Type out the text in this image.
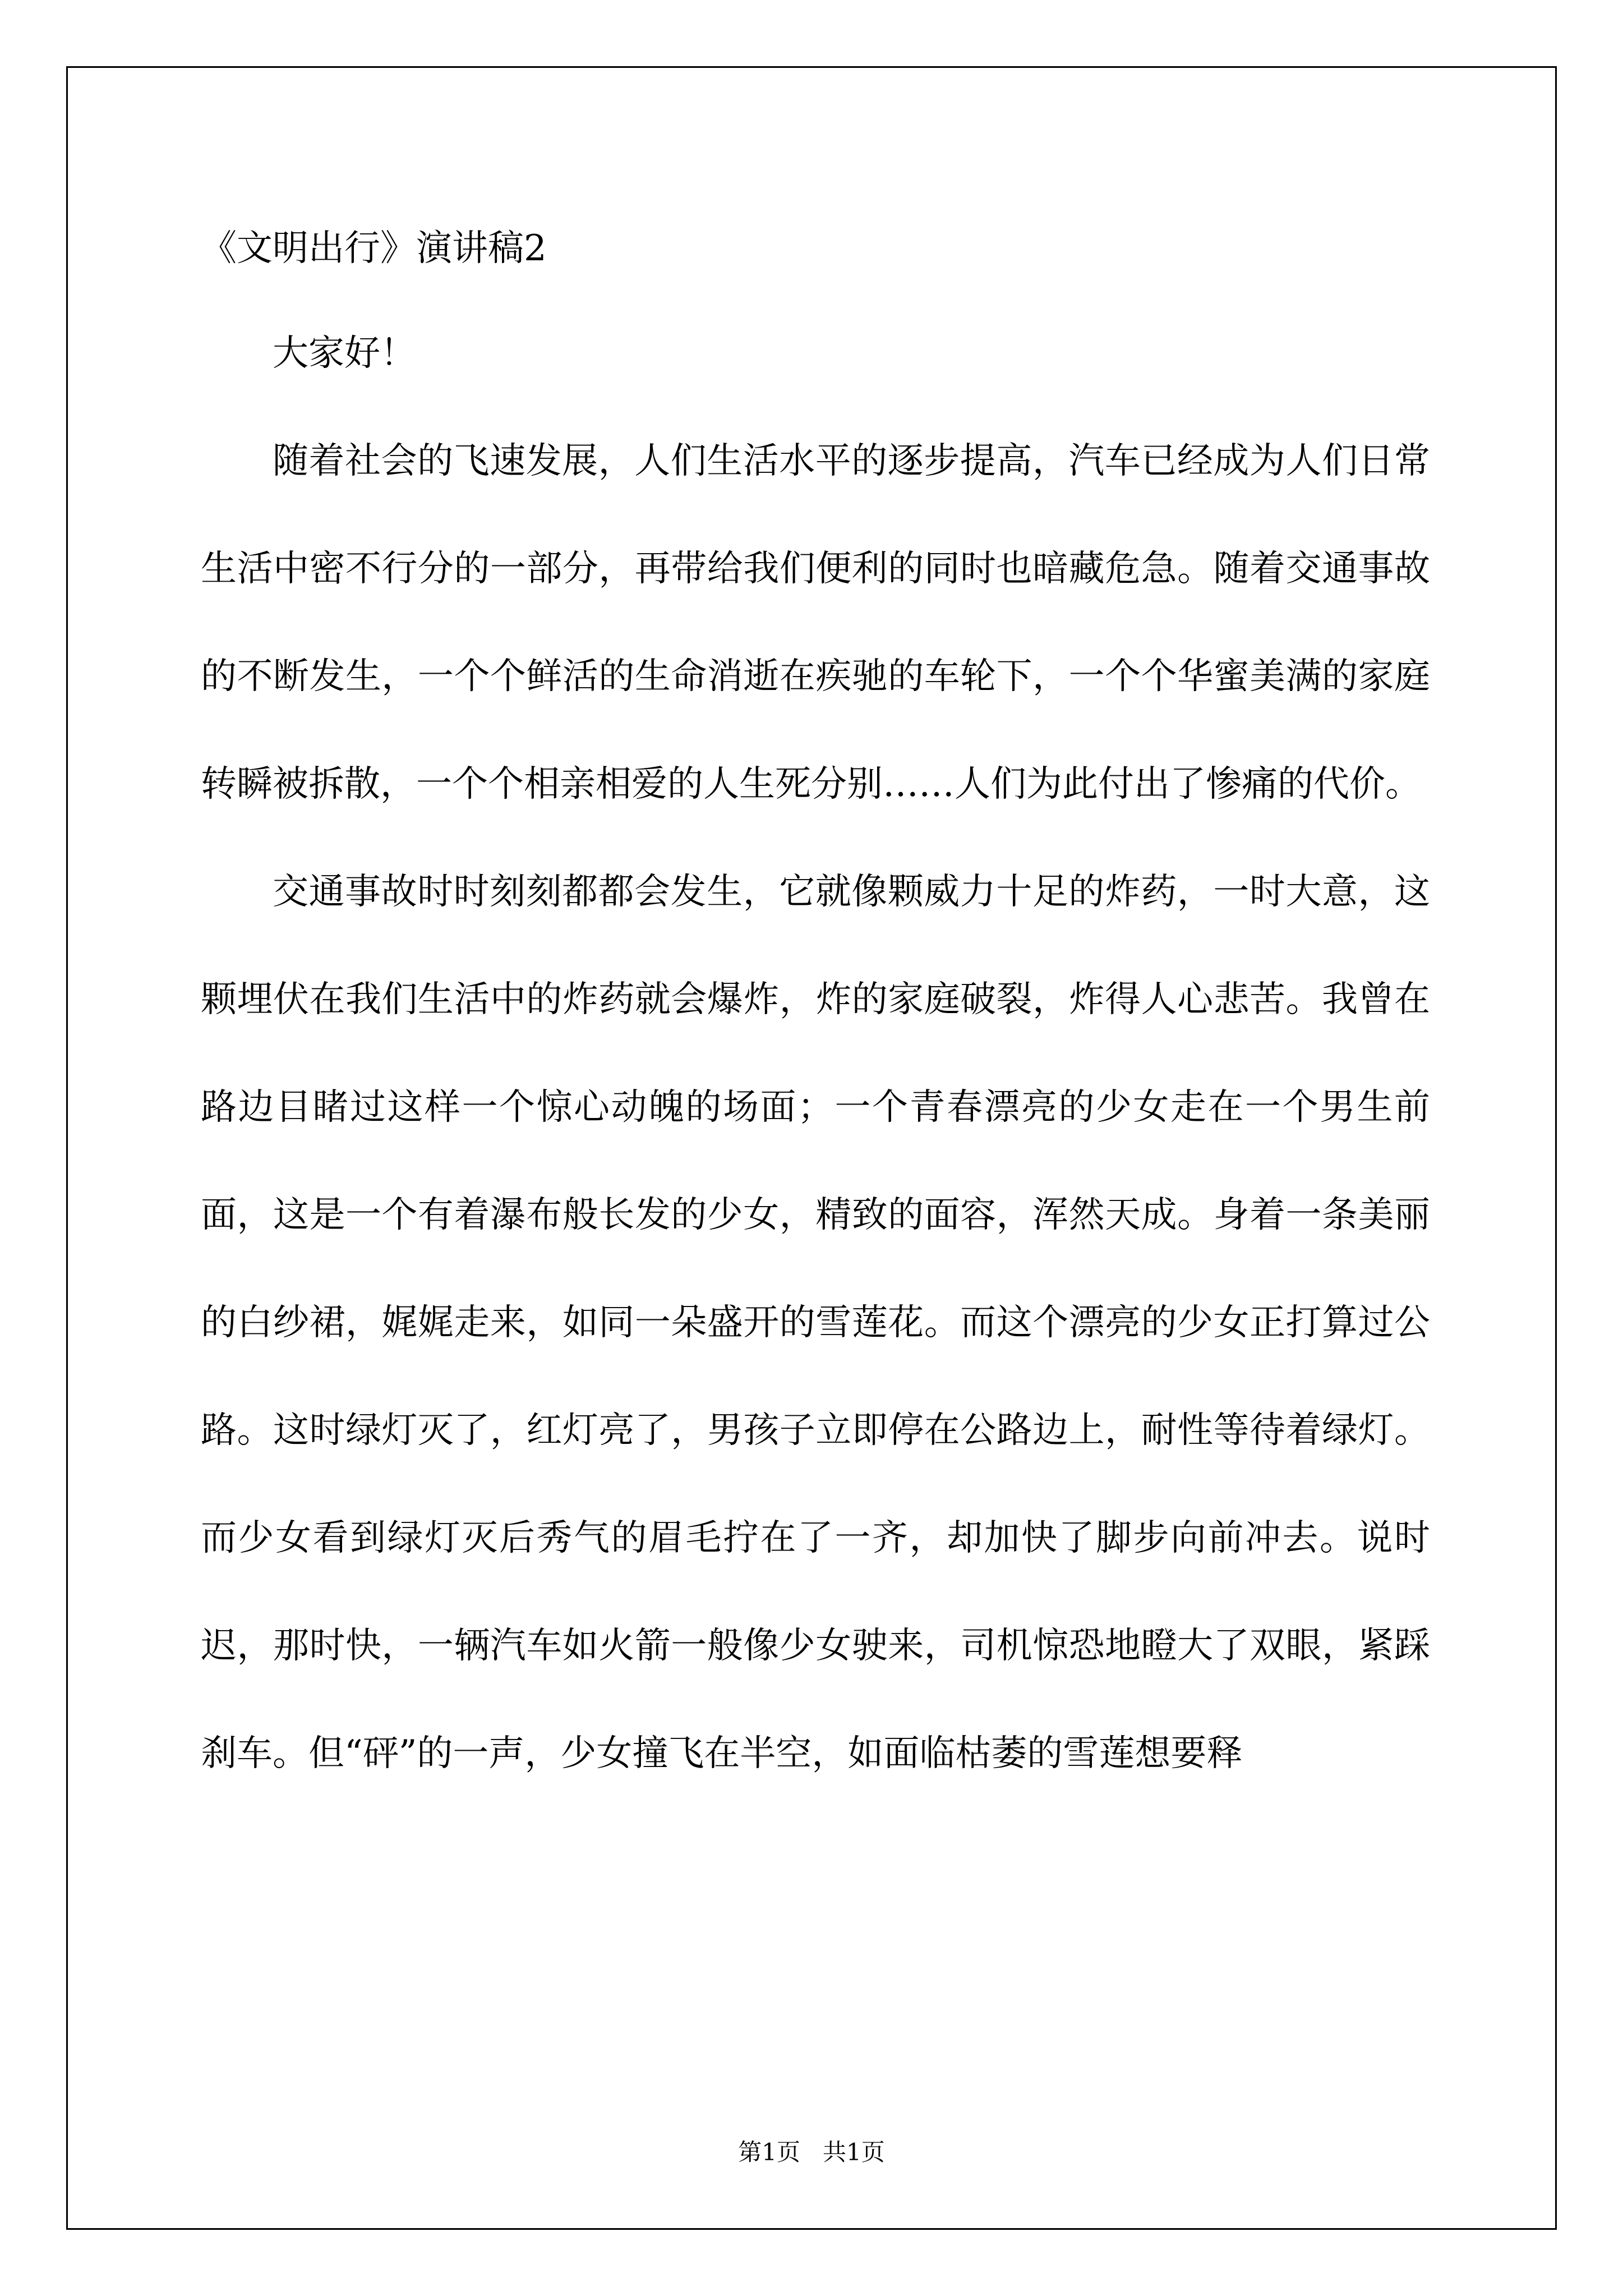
《文明出行》演讲稿2

大家好！

随着社会的飞速发展，人们生活水平的逐步提高，汽车已经成为人们日常生活中密不行分的一部分，再带给我们便利的同时也暗藏危急。随着交通事故的不断发生，一个个鲜活的生命消逝在疾驰的车轮下，一个个华蜜美满的家庭转瞬被拆散，一个个相亲相爱的人生死分别……人们为此付出了惨痛的代价。

交通事故时时刻刻都都会发生，它就像颗威力十足的炸药，一时大意，这颗埋伏在我们生活中的炸药就会爆炸，炸的家庭破裂，炸得人心悲苦。我曾在路边目睹过这样一个惊心动魄的场面；一个青春漂亮的少女走在一个男生前面，这是一个有着瀑布般长发的少女，精致的面容，浑然天成。身着一条美丽的白纱裙，娓娓走来，如同一朵盛开的雪莲花。而这个漂亮的少女正打算过公路。这时绿灯灭了，红灯亮了，男孩子立即停在公路边上，耐性等待着绿灯。而少女看到绿灯灭后秀气的眉毛拧在了一齐，却加快了脚步向前冲去。说时迟，那时快，一辆汽车如火箭一般像少女驶来，司机惊恐地瞪大了双眼，紧踩刹车。但“砰”的一声，少女撞飞在半空，如面临枯萎的雪莲想要释

第1页   共1页
